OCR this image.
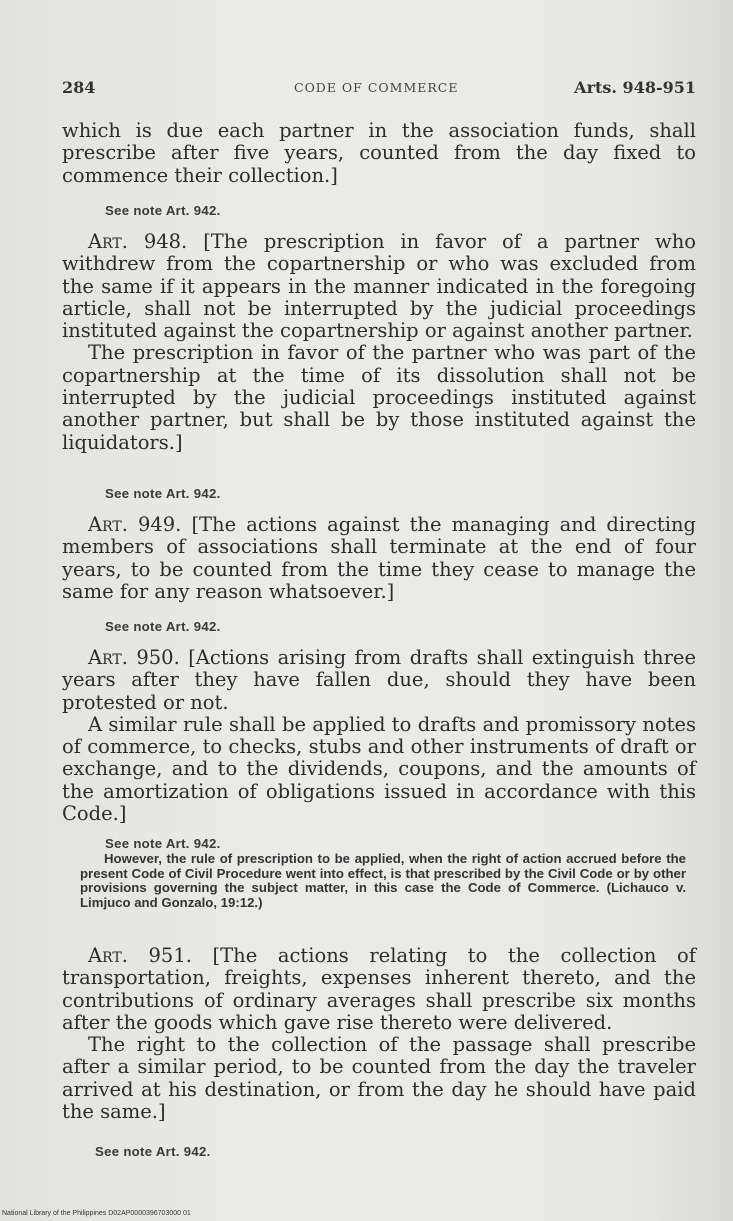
284	CODE OF COMMERCE	Arts. 948-951

which is due each partner in the association funds, shall prescribe after five years, counted from the day fixed to commence their collection.]

See note Art. 942.

Art. 948. [The prescription in favor of a partner who withdrew from the copartnership or who was excluded from the same if it appears in the manner indicated in the foregoing article, shall not be interrupted by the judicial proceedings instituted against the copartnership or against another partner.

The prescription in favor of the partner who was part of the copartnership at the time of its dissolution shall not be interrupted by the judicial proceedings instituted against another partner, but shall be by those instituted against the liquidators.]

See note Art. 942.

Art. 949. [The actions against the managing and directing members of associations shall terminate at the end of four years, to be counted from the time they cease to manage the same for any reason whatsoever.]

See note Art. 942.

Art. 950. [Actions arising from drafts shall extinguish three years after they have fallen due, should they have been protested or not.

A similar rule shall be applied to drafts and promissory notes of commerce, to checks, stubs and other instruments of draft or exchange, and to the dividends, coupons, and the amounts of the amortization of obligations issued in accordance with this Code.]

See note Art. 942.
However, the rule of prescription to be applied, when the right of action accrued before the present Code of Civil Procedure went into effect, is that prescribed by the Civil Code or by other provisions governing the subject matter, in this case the Code of Commerce. (Lichauco v. Limjuco and Gonzalo, 19:12.)

Art. 951. [The actions relating to the collection of transportation, freights, expenses inherent thereto, and the contributions of ordinary averages shall prescribe six months after the goods which gave rise thereto were delivered.

The right to the collection of the passage shall prescribe after a similar period, to be counted from the day the traveler arrived at his destination, or from the day he should have paid the same.]

See note Art. 942.
National Library of the Philippines D02AP0000396703000 01
